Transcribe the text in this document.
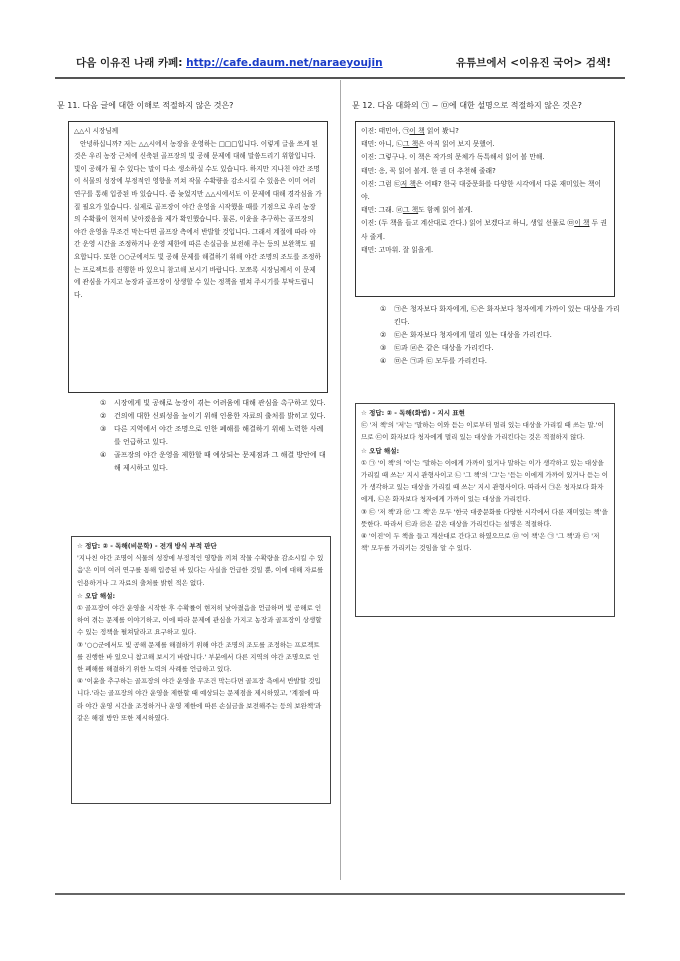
다음 이유진 나래 카페: http://cafe.daum.net/naraeyoujin	유튜브에서 <이유진 국어> 검색!
문 11. 다음 글에 대한 이해로 적절하지 않은 것은?

△△시 시장님께

안녕하십니까? 저는 △△시에서 농장을 운영하는 □□□입니다. 이렇게 글을 쓰게 된 것은 우리 농장 근처에 신축된 골프장의 빛 공해 문제에 대해 말씀드리기 위함입니다. 빛이 공해가 될 수 있다는 말이 다소 생소하실 수도 있습니다. 하지만 지나친 야간 조명이 식물의 성장에 부정적인 영향을 끼쳐 작물 수확량을 감소시킬 수 있음은 이미 여러 연구를 통해 입증된 바 있습니다. 좀 늦었지만 △△시에서도 이 문제에 대해 경각심을 가질 필요가 있습니다. 실제로 골프장이 야간 운영을 시작했을 때를 기점으로 우리 농장의 수확률이 현저히 낮아졌음을 제가 확인했습니다. 물론, 이윤을 추구하는 골프장의 야간 운영을 무조건 막는다면 골프장 측에서 반발할 것입니다. 그래서 계절에 따라 야간 운영 시간을 조정하거나 운영 제한에 따른 손실금을 보전해 주는 등의 보완책도 필요합니다. 또한 ○○군에서도 빛 공해 문제를 해결하기 위해 야간 조명의 조도를 조정하는 프로젝트를 진행한 바 있으니 참고해 보시기 바랍니다. 모쪼록 시장님께서 이 문제에 관심을 가지고 농장과 골프장이 상생할 수 있는 정책을 펼쳐 주시기를 부탁드립니다.

①	시장에게 빛 공해로 농장이 겪는 어려움에 대해 관심을 촉구하고 있다.
②	건의에 대한 신뢰성을 높이기 위해 인용한 자료의 출처를 밝히고 있다.
③	다른 지역에서 야간 조명으로 인한 폐해를 해결하기 위해 노력한 사례를 언급하고 있다.
④	골프장의 야간 운영을 제한할 때 예상되는 문제점과 그 해결 방안에 대해 제시하고 있다.

☆ 정답: ② - 독해(비문학) - 전개 방식 부적 판단

'지나친 야간 조명이 식물의 성장에 부정적인 영향을 끼쳐 작물 수확량을 감소시킬 수 있음'은 이미 여러 연구를 통해 입증된 바 있다는 사실을 언급한 것일 뿐, 이에 대해 자료를 인용하거나 그 자료의 출처를 밝힌 적은 없다.

☆ 오답 해설:

① 골프장이 야간 운영을 시작한 후 수확률이 현저히 낮아졌음을 언급하며 빛 공해로 인하여 겪는 문제를 이야기하고, 이에 따라 문제에 관심을 가지고 농장과 골프장이 상생할 수 있는 정책을 펼쳐달라고 요구하고 있다.

③ '○○군에서도 빛 공해 문제를 해결하기 위해 야간 조명의 조도를 조정하는 프로젝트를 진행한 바 있으니 참고해 보시기 바랍니다.' 부분에서 다른 지역의 야간 조명으로 인한 폐해를 해결하기 위한 노력의 사례를 언급하고 있다.

④ '이윤을 추구하는 골프장의 야간 운영을 무조건 막는다면 골프장 측에서 반발할 것입니다.'라는 골프장의 야간 운영을 제한할 때 예상되는 문제점을 제시하였고, '계절에 따라 야간 운영 시간을 조정하거나 운영 제한에 따른 손실금을 보전해주는 등의 보완책'과 같은 해결 방안 또한 제시하였다.

문 12. 다음 대화의 ㉠ ~ ㉤에 대한 설명으로 적절하지 않은 것은?

이진: 태민아, ㉠이 책 읽어 봤니?

태민: 아니, ㉡그 책은 아직 읽어 보지 못했어.

이진: 그렇구나. 이 책은 작가의 문체가 독특해서 읽어 볼 만해.

태민: 응, 꼭 읽어 볼게. 한 권 더 추천해 줄래?

이진: 그럼 ㉢저 책은 어때? 한국 대중문화를 다양한 시각에서 다룬 재미있는 책이야.

태민: 그래. ㉣그 책도 함께 읽어 볼게.

이진: (두 책을 들고 계산대로 간다.) 읽어 보겠다고 하니, 생일 선물로 ㉤이 책 두 권 사 줄게.

태민: 고마워. 잘 읽을게.

①	㉠은 청자보다 화자에게, ㉡은 화자보다 청자에게 가까이 있는 대상을 가리킨다.
②	㉢은 화자보다 청자에게 멀리 있는 대상을 가리킨다.
③	㉢과 ㉣은 같은 대상을 가리킨다.
④	㉤은 ㉠과 ㉢ 모두를 가리킨다.

☆ 정답: ② - 독해(화법) - 지시 표현

㉢ '저 책'의 '저'는 '말하는 이와 듣는 이로부터 멀리 있는 대상을 가리킬 때 쓰는 말.'이므로 ㉢이 화자보다 청자에게 멀리 있는 대상을 가리킨다는 것은 적절하지 않다.

☆ 오답 해설:

① ㉠ '이 책'의 '이'는 '말하는 이에게 가까이 있거나 말하는 이가 생각하고 있는 대상을 가리킬 때 쓰는' 지시 관형사이고 ㉡ '그 책'의 '그'는 '듣는 이에게 가까이 있거나 듣는 이가 생각하고 있는 대상을 가리킬 때 쓰는' 지시 관형사이다. 따라서 ㉠은 청자보다 화자에게, ㉡은 화자보다 청자에게 가까이 있는 대상을 가리킨다.

③ ㉢ '저 책'과 ㉣ '그 책'은 모두 '한국 대중문화를 다양한 시각에서 다룬 재미있는 책'을 뜻한다. 따라서 ㉢과 ㉣은 같은 대상을 가리킨다는 설명은 적절하다.

④ '이진'이 두 책을 들고 계산대로 간다고 하였으므로 ㉤ '이 책'은 ㉠ '그 책'과 ㉢ '저 책' 모두를 가리키는 것임을 알 수 있다.
